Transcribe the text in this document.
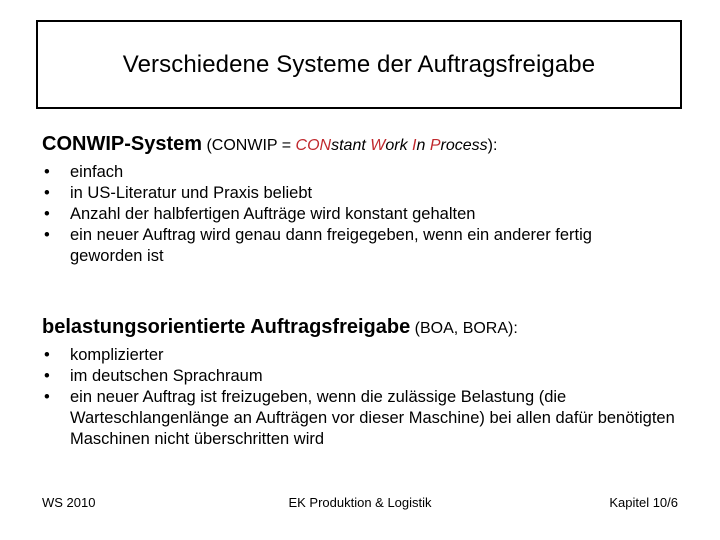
Verschiedene Systeme der Auftragsfreigabe
CONWIP-System (CONWIP = CONstant Work In Process):
• einfach
• in US-Literatur und Praxis beliebt
• Anzahl der halbfertigen Aufträge wird konstant gehalten
• ein neuer Auftrag wird genau dann freigegeben, wenn ein anderer fertig geworden ist
belastungsorientierte Auftragsfreigabe (BOA, BORA):
• komplizierter
• im deutschen Sprachraum
• ein neuer Auftrag ist freizugeben, wenn die zulässige Belastung (die Warteschlangenlänge an Aufträgen vor dieser Maschine) bei allen dafür benötigten Maschinen nicht überschritten wird
WS 2010	EK Produktion & Logistik	Kapitel 10/6
